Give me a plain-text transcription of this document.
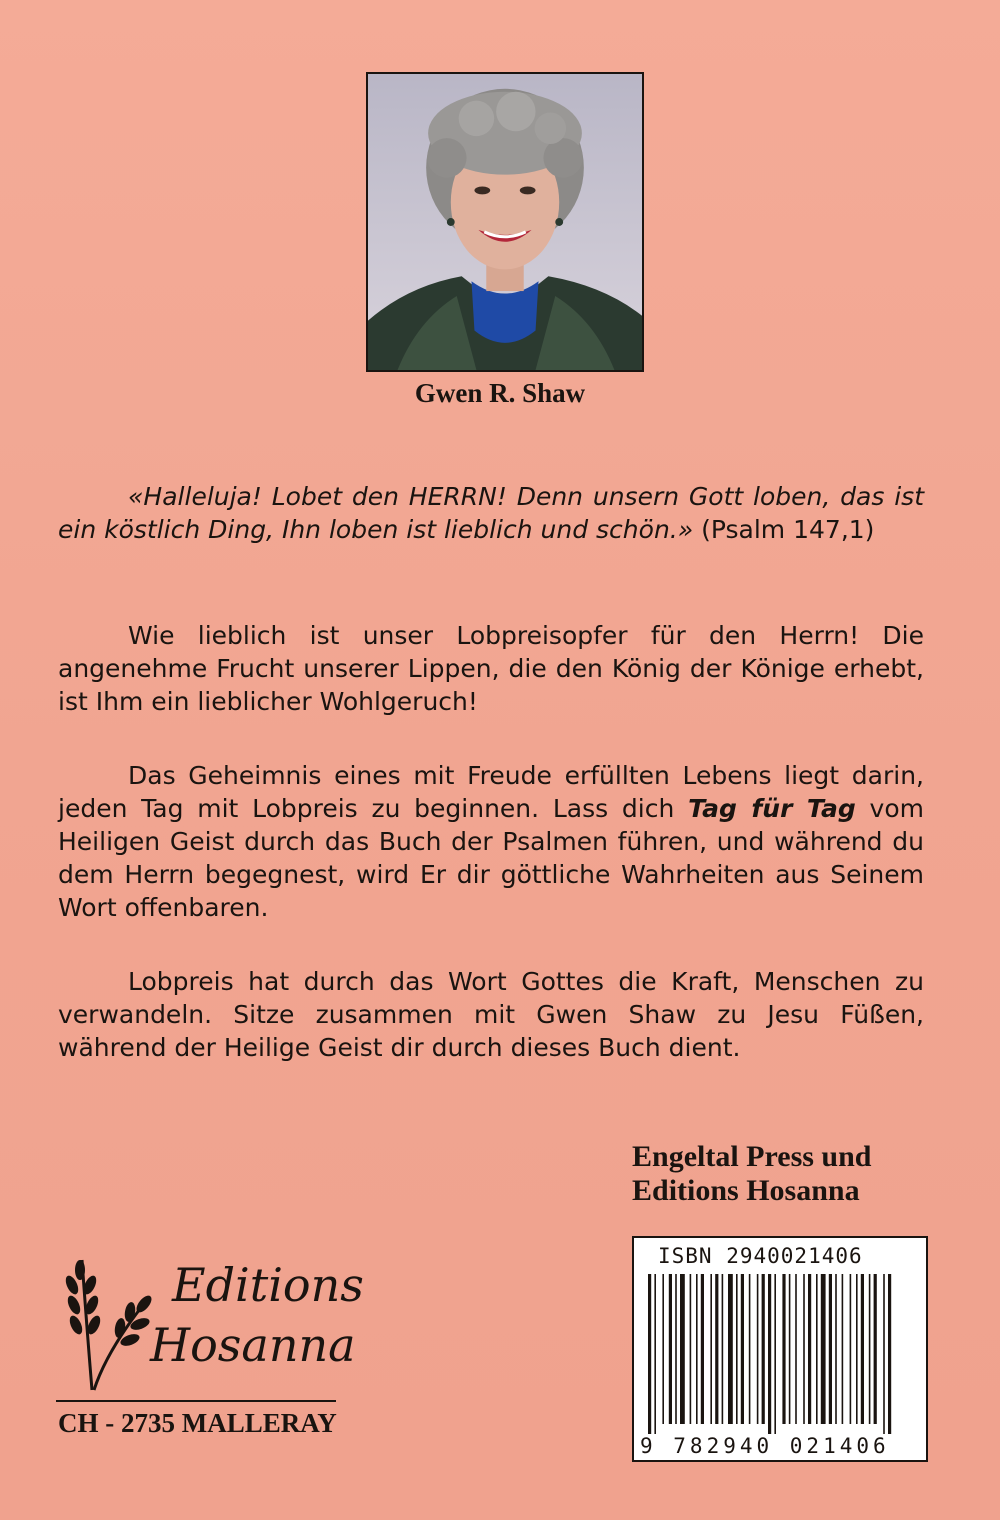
Gwen R. Shaw

«Halleluja! Lobet den HERRN! Denn unsern Gott loben, das ist ein köstlich Ding, Ihn loben ist lieblich und schön.» (Psalm 147,1)

Wie lieblich ist unser Lobpreisopfer für den Herrn! Die angenehme Frucht unserer Lippen, die den König der Könige erhebt, ist Ihm ein lieblicher Wohlgeruch!

Das Geheimnis eines mit Freude erfüllten Lebens liegt darin, jeden Tag mit Lobpreis zu beginnen. Lass dich Tag für Tag vom Heiligen Geist durch das Buch der Psalmen führen, und während du dem Herrn begegnest, wird Er dir göttliche Wahrheiten aus Seinem Wort offenbaren.

Lobpreis hat durch das Wort Gottes die Kraft, Menschen zu verwandeln. Sitze zusammen mit Gwen Shaw zu Jesu Füßen, während der Heilige Geist dir durch dieses Buch dient.

Engeltal Press und
Editions Hosanna
ISBN 2940021406
9 782940 021406
Editions
Hosanna
CH - 2735 MALLERAY
